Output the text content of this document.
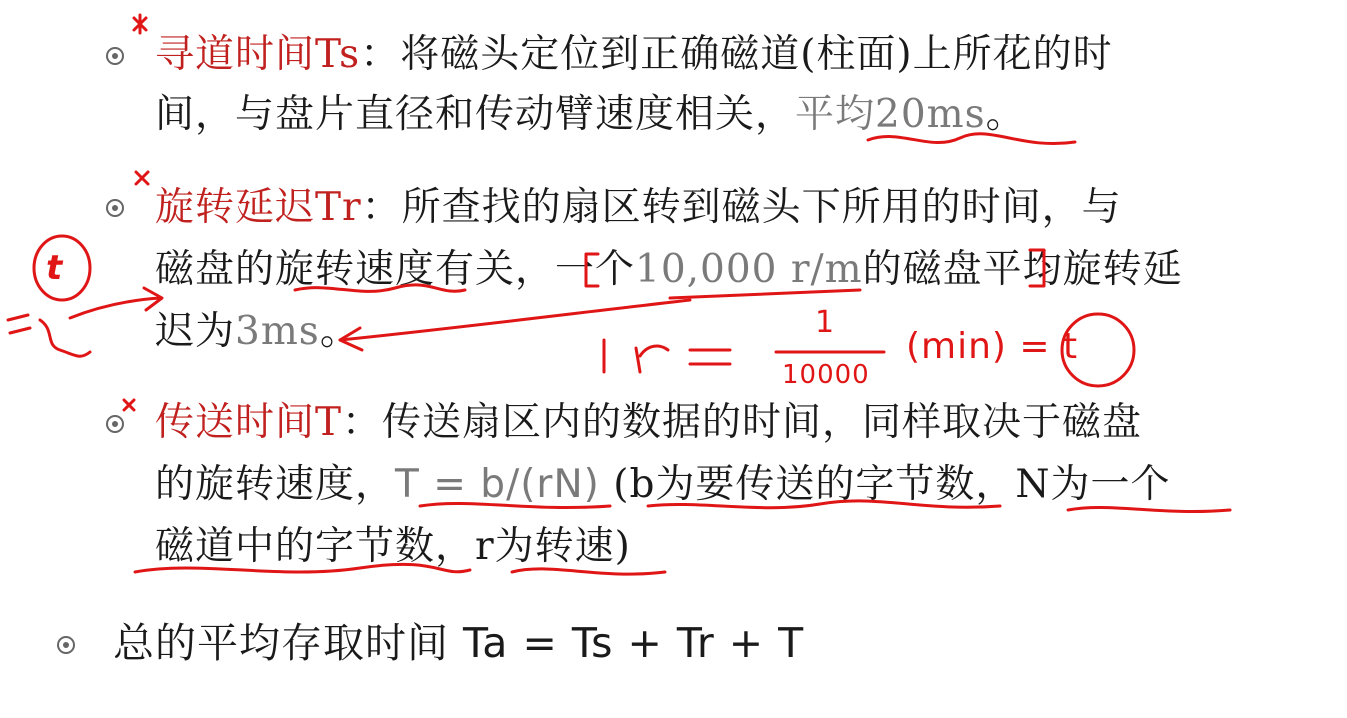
寻道时间Ts：将磁头定位到正确磁道(柱面)上所花的时
间，与盘片直径和传动臂速度相关，平均20ms。
旋转延迟Tr：所查找的扇区转到磁头下所用的时间，与
磁盘的旋转速度有关，一个10,000 r/m的磁盘平均旋转延
迟为3ms。
传送时间T：传送扇区内的数据的时间，同样取决于磁盘
的旋转速度，T = b/(rN) (b为要传送的字节数，N为一个
磁道中的字节数，r为转速)
总的平均存取时间 Ta = Ts + Tr + T
t
1
10000
(min) = t
